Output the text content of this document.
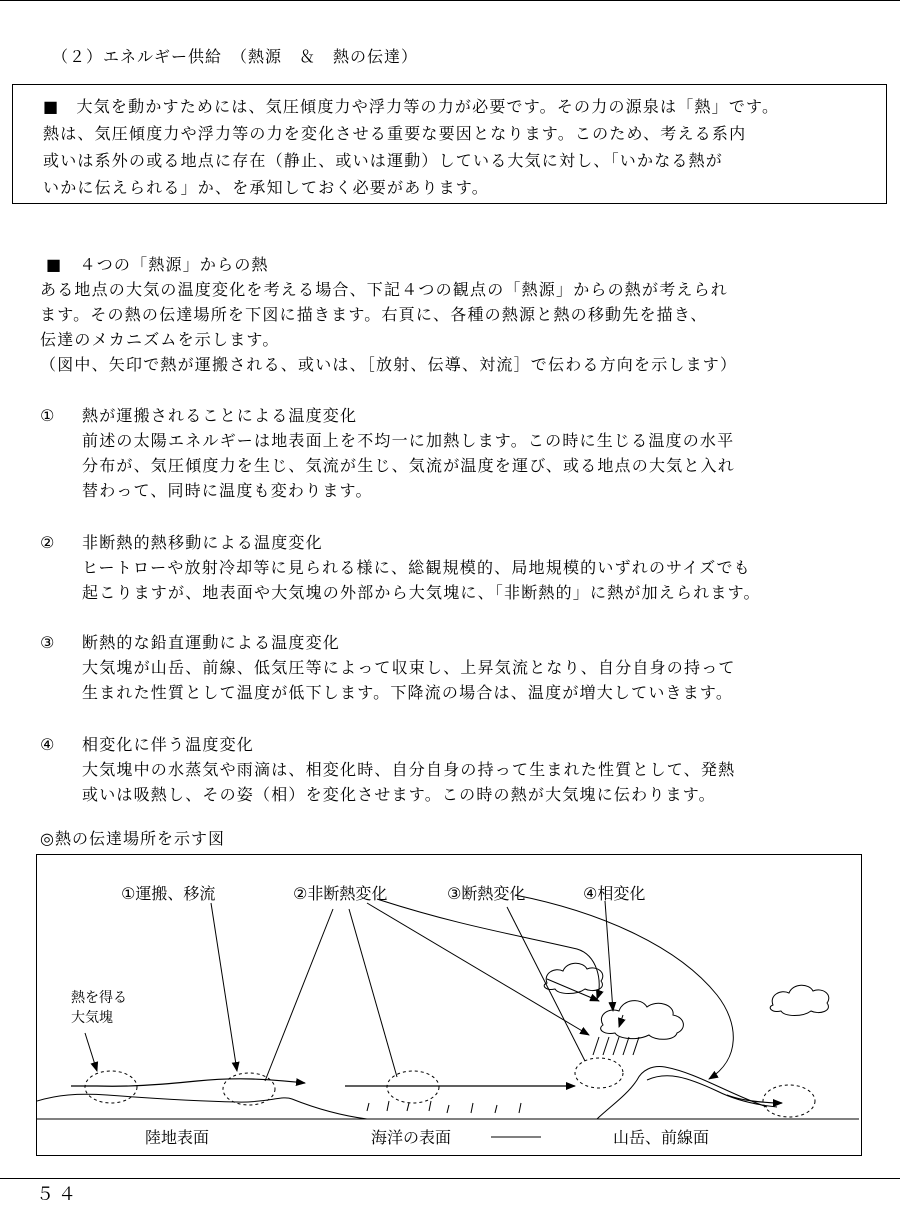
（２）エネルギー供給　（熱源　＆　熱の伝達）

■　大気を動かすためには、気圧傾度力や浮力等の力が必要です。その力の源泉は「熱」です。

熱は、気圧傾度力や浮力等の力を変化させる重要な要因となります。このため、考える系内

或いは系外の或る地点に存在（静止、或いは運動）している大気に対し、「いかなる熱が

いかに伝えられる」か、を承知しておく必要があります。

■　４つの「熱源」からの熱

ある地点の大気の温度変化を考える場合、下記４つの観点の「熱源」からの熱が考えられ

ます。その熱の伝達場所を下図に描きます。右頁に、各種の熱源と熱の移動先を描き、

伝達のメカニズムを示します。

（図中、矢印で熱が運搬される、或いは、［放射、伝導、対流］で伝わる方向を示します）

①	熱が運搬されることによる温度変化

前述の太陽エネルギーは地表面上を不均一に加熱します。この時に生じる温度の水平

分布が、気圧傾度力を生じ、気流が生じ、気流が温度を運び、或る地点の大気と入れ

替わって、同時に温度も変わります。

②	非断熱的熱移動による温度変化

ヒートローや放射冷却等に見られる様に、総観規模的、局地規模的いずれのサイズでも

起こりますが、地表面や大気塊の外部から大気塊に、「非断熱的」に熱が加えられます。

③	断熱的な鉛直運動による温度変化

大気塊が山岳、前線、低気圧等によって収束し、上昇気流となり、自分自身の持って

生まれた性質として温度が低下します。下降流の場合は、温度が増大していきます。

④	相変化に伴う温度変化

大気塊中の水蒸気や雨滴は、相変化時、自分自身の持って生まれた性質として、発熱

或いは吸熱し、その姿（相）を変化させます。この時の熱が大気塊に伝わります。

◎熱の伝達場所を示す図
①運搬、移流	②非断熱変化	③断熱変化	④相変化
熱を得る
大気塊
陸地表面	海洋の表面	山岳、前線面
５４
